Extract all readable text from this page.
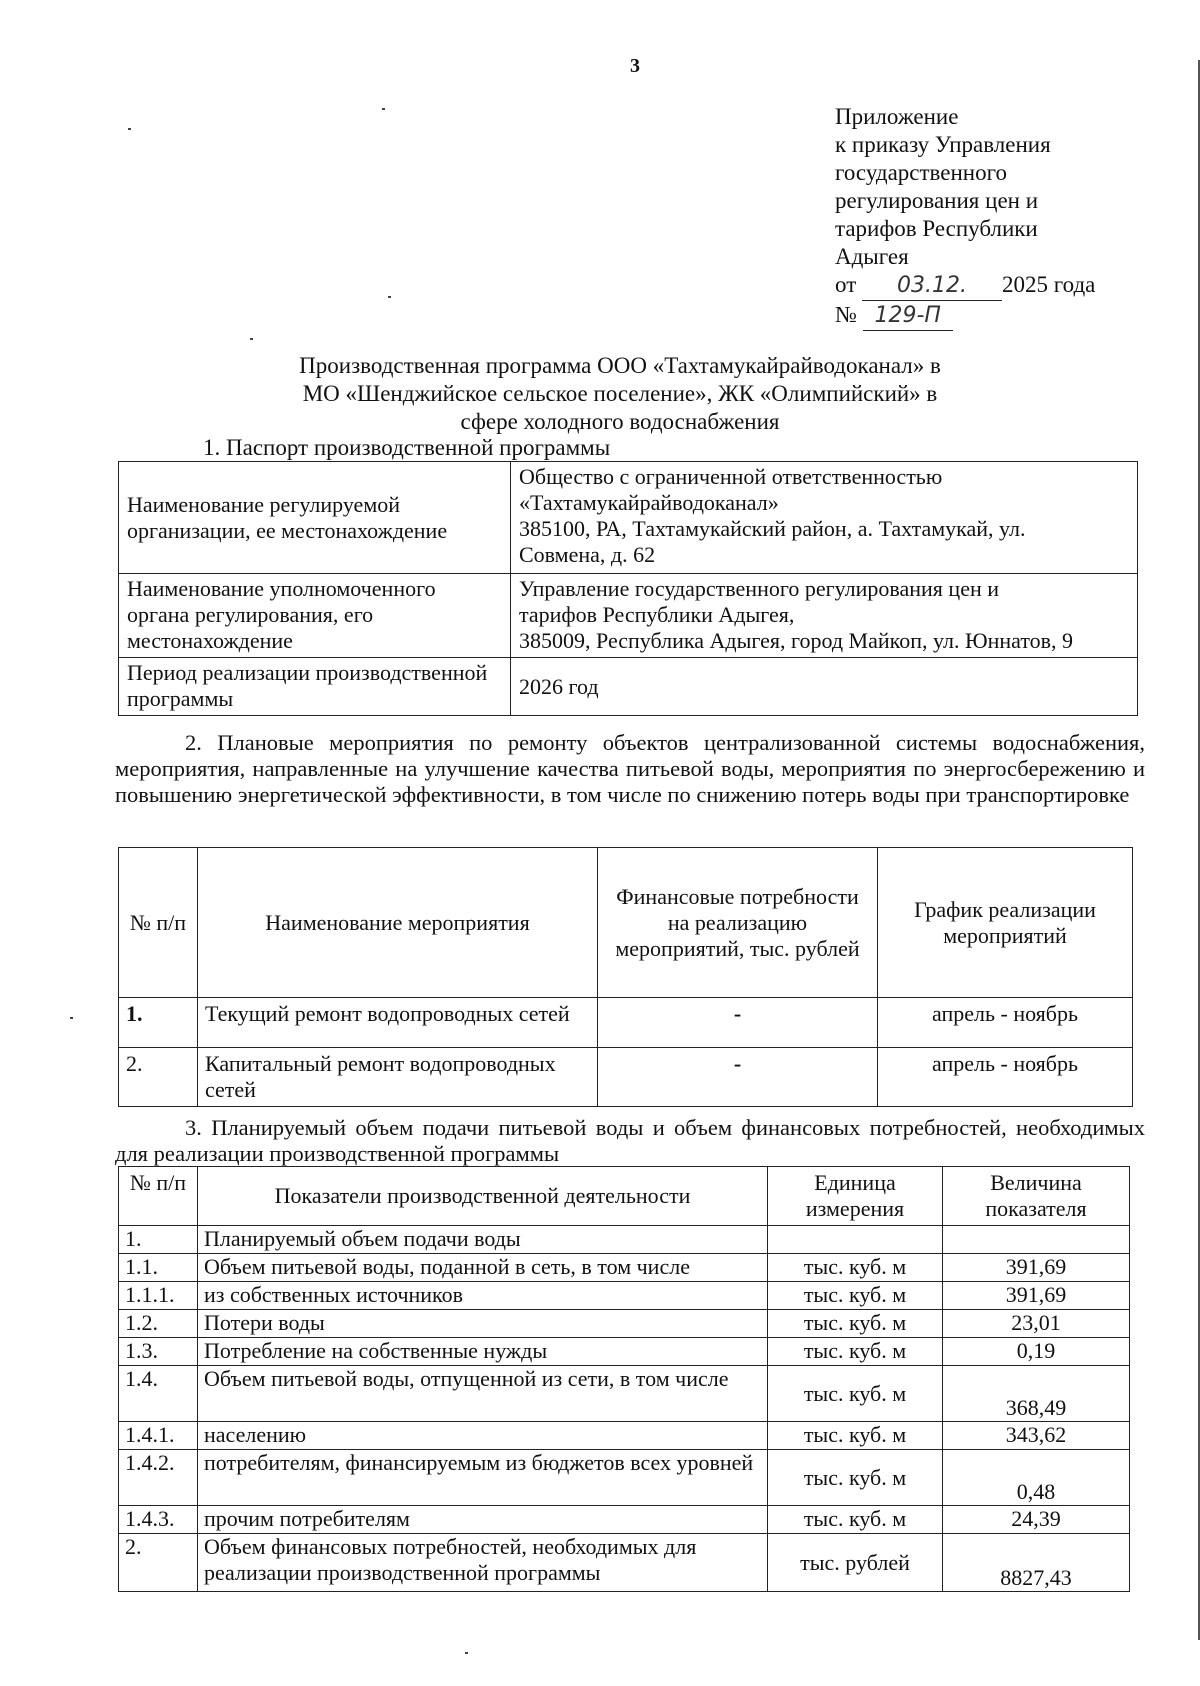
3
Приложение
к приказу Управления
государственного
регулирования цен и
тарифов Республики
Адыгея
от 03.12. 2025 года
№ 129-П
Производственная программа ООО «Тахтамукайрайводоканал» в
МО «Шенджийское сельское поселение», ЖК «Олимпийский» в
сфере холодного водоснабжения
1. Паспорт производственной программы
Наименование регулируемой организации, ее местонахождение	Общество с ограниченной ответственностью
«Тахтамукайрайводоканал»
385100, РА, Тахтамукайский район, а. Тахтамукай, ул.
Совмена, д. 62

Наименование уполномоченного органа регулирования, его местонахождение	Управление государственного регулирования цен и
тарифов Республики Адыгея,
385009, Республика Адыгея, город Майкоп, ул. Юннатов, 9

Период реализации производственной программы	2026 год
2. Плановые мероприятия по ремонту объектов централизованной системы водоснабжения, мероприятия, направленные на улучшение качества питьевой воды, мероприятия по энергосбережению и повышению энергетической эффективности, в том числе по снижению потерь воды при транспортировке
№ п/п	Наименование мероприятия	Финансовые потребности на реализацию мероприятий, тыс. рублей	График реализации мероприятий
1.	Текущий ремонт водопроводных сетей	-	апрель - ноябрь
2.	Капитальный ремонт водопроводных сетей	-	апрель - ноябрь
3. Планируемый объем подачи питьевой воды и объем финансовых потребностей, необходимых для реализации производственной программы
№ п/п	Показатели производственной деятельности	Единица измерения	Величина показателя
1.	Планируемый объем подачи воды		
1.1.	Объем питьевой воды, поданной в сеть, в том числе	тыс. куб. м	391,69
1.1.1.	из собственных источников	тыс. куб. м	391,69
1.2.	Потери воды	тыс. куб. м	23,01
1.3.	Потребление на собственные нужды	тыс. куб. м	0,19
1.4.	Объем питьевой воды, отпущенной из сети, в том числе	тыс. куб. м	368,49
1.4.1.	населению	тыс. куб. м	343,62
1.4.2.	потребителям, финансируемым из бюджетов всех уровней	тыс. куб. м	0,48
1.4.3.	прочим потребителям	тыс. куб. м	24,39
2.	Объем финансовых потребностей, необходимых для реализации производственной программы	тыс. рублей	8827,43
